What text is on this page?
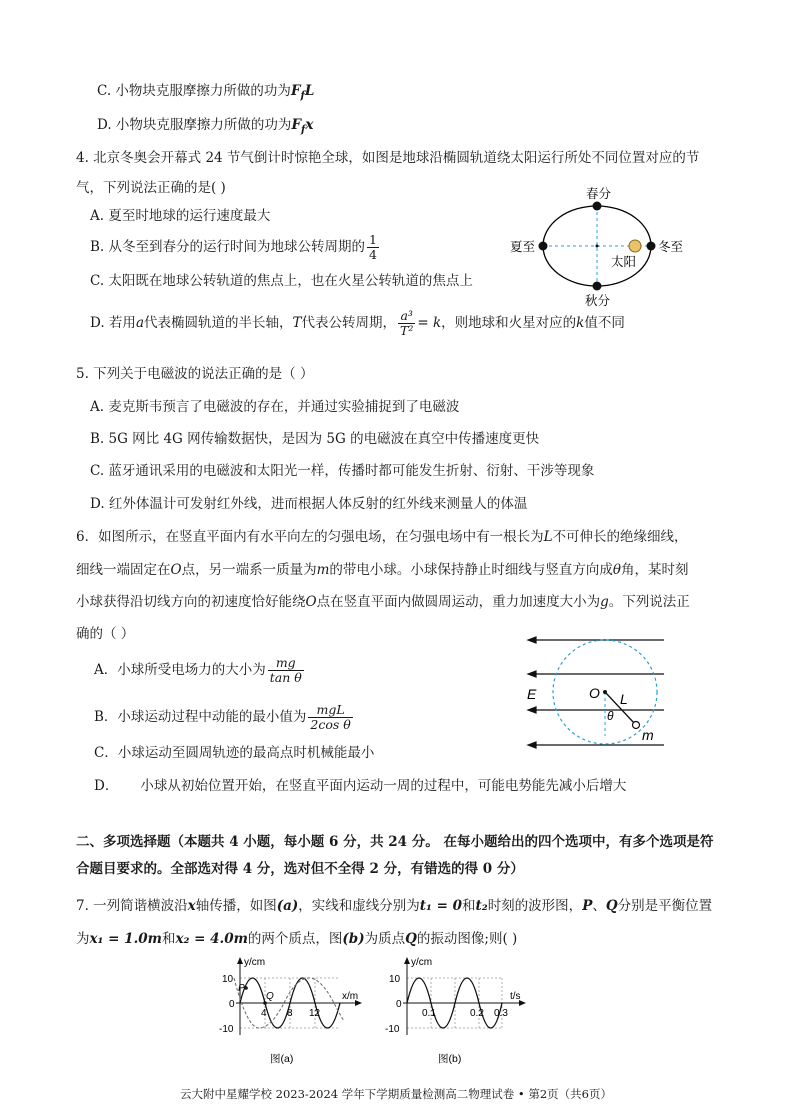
C. 小物块克服摩擦力所做的功为$F_fL$
D. 小物块克服摩擦力所做的功为$F_fx$
4. 北京冬奥会开幕式 24 节气倒计时惊艳全球，如图是地球沿椭圆轨道绕太阳运行所处不同位置对应的节
气，下列说法正确的是( )
A. 夏至时地球的运行速度最大
B. 从冬至到春分的运行时间为地球公转周期的 $\frac{1}{4}$
C. 太阳既在地球公转轨道的焦点上，也在火星公转轨道的焦点上
D. 若用a代表椭圆轨道的半长轴，T代表公转周期， $\frac{\text{a³}}{\text{T²}} = k$，则地球和火星对应的k值不同
春分
秋分
夏至	冬至
太阳
5. 下列关于电磁波的说法正确的是（ ）
A. 麦克斯韦预言了电磁波的存在，并通过实验捕捉到了电磁波
B. 5G 网比 4G 网传输数据快，是因为 5G 的电磁波在真空中传播速度更快
C. 蓝牙通讯采用的电磁波和太阳光一样，传播时都可能发生折射、衍射、干涉等现象
D. 红外体温计可发射红外线，进而根据人体反射的红外线来测量人的体温
6．如图所示，在竖直平面内有水平向左的匀强电场，在匀强电场中有一根长为L不可伸长的绝缘细线，
细线一端固定在O点，另一端系一质量为m的带电小球。小球保持静止时细线与竖直方向成θ角，某时刻
小球获得沿切线方向的初速度恰好能绕O点在竖直平面内做圆周运动，重力加速度大小为g。下列说法正
确的（ ）
A．小球所受电场力的大小为 $\frac{mg}{\text{tan θ}}$
B．小球运动过程中动能的最小值为 $\frac{\text{mgL}}{\text{2cos θ}}$
C．小球运动至圆周轨迹的最高点时机械能最小
D． 小球从初始位置开始，在竖直平面内运动一周的过程中，可能电势能先减小后增大
E	O L
θ
m
二、多项选择题（本题共 4 小题，每小题 6 分，共 24 分。 在每小题给出的四个选项中，有多个选项是符
合题目要求的。全部选对得 4 分，选对但不全得 2 分，有错选的得 0 分）
7. 一列简谐横波沿x轴传播，如图(a)，实线和虚线分别为t₁ = 0和t₂时刻的波形图，P、Q分别是平衡位置
为x₁ = 1.0m和x₂ = 4.0m的两个质点，图(b)为质点Q的振动图像;则( )
P
Q
y/cm
x/m
10
0
-10
4 8 12
图(a)
y/cm
t/s
10
0
-10
0.1	0.2 0.3
图(b)
云大附中星耀学校 2023-2024 学年下学期质量检测高二物理试卷 • 第2页（共6页）
